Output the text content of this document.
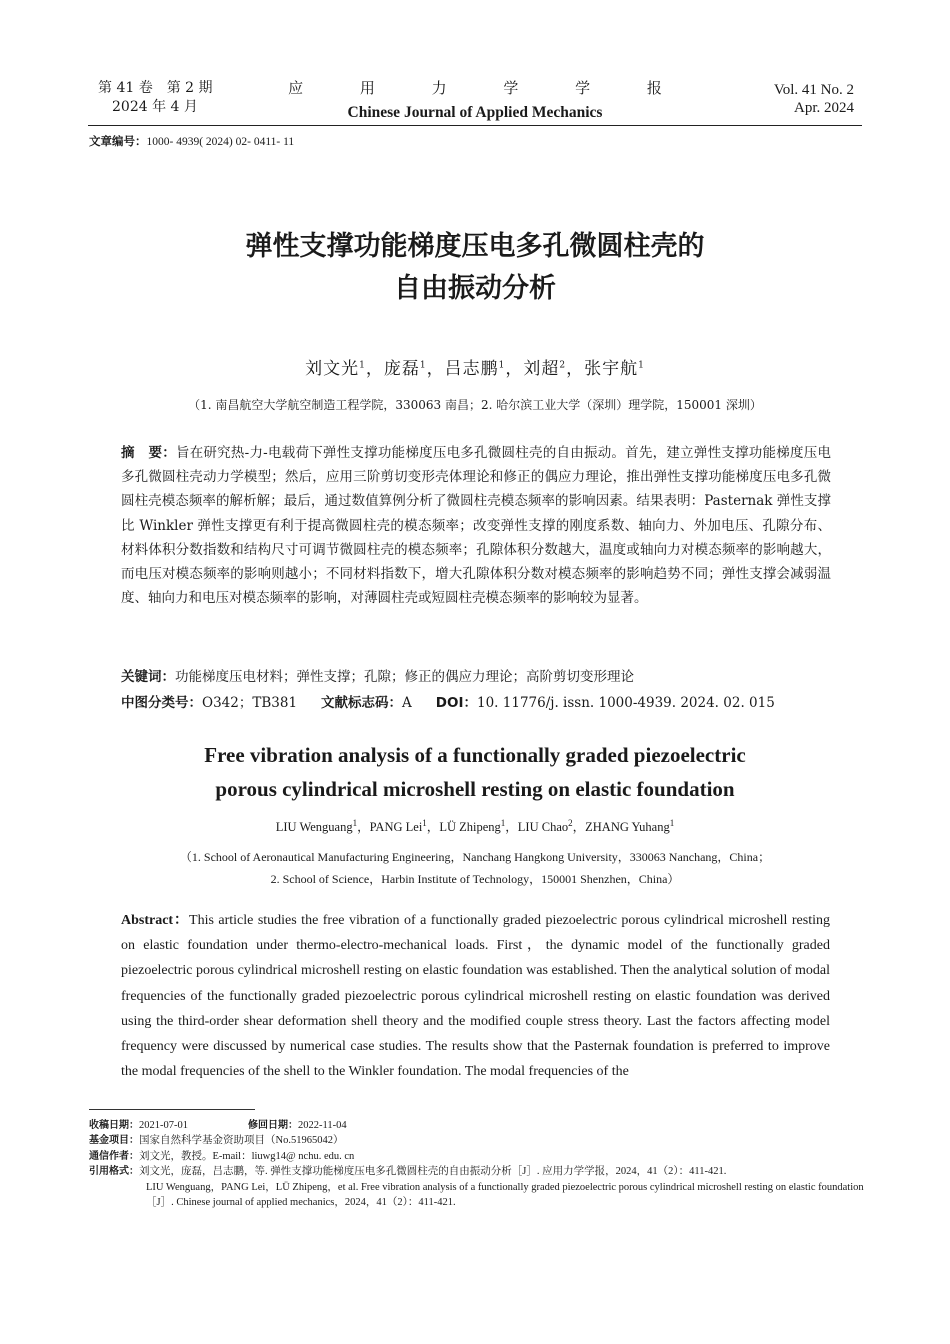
第 41 卷　第 2 期
2024 年 4 月
应 用 力 学 学 报
Chinese Journal of Applied Mechanics
Vol. 41 No. 2
Apr. 2024
文章编号：1000- 4939( 2024) 02- 0411- 11
弹性支撑功能梯度压电多孔微圆柱壳的
自由振动分析
刘文光$^1$，庞磊$^1$，吕志鹏$^1$，刘超$^2$，张宇航$^1$
（1. 南昌航空大学航空制造工程学院，330063 南昌；2. 哈尔滨工业大学（深圳）理学院，150001 深圳）
摘　要：旨在研究热-力-电载荷下弹性支撑功能梯度压电多孔微圆柱壳的自由振动。首先，建立弹性支撑功能梯度压电多孔微圆柱壳动力学模型；然后，应用三阶剪切变形壳体理论和修正的偶应力理论，推出弹性支撑功能梯度压电多孔微圆柱壳模态频率的解析解；最后，通过数值算例分析了微圆柱壳模态频率的影响因素。结果表明：Pasternak 弹性支撑比 Winkler 弹性支撑更有利于提高微圆柱壳的模态频率；改变弹性支撑的刚度系数、轴向力、外加电压、孔隙分布、材料体积分数指数和结构尺寸可调节微圆柱壳的模态频率；孔隙体积分数越大，温度或轴向力对模态频率的影响越大，而电压对模态频率的影响则越小；不同材料指数下，增大孔隙体积分数对模态频率的影响趋势不同；弹性支撑会减弱温度、轴向力和电压对模态频率的影响，对薄圆柱壳或短圆柱壳模态频率的影响较为显著。
关键词：功能梯度压电材料；弹性支撑；孔隙；修正的偶应力理论；高阶剪切变形理论
中图分类号：O342；TB381 文献标志码：A DOI：10. 11776/j. issn. 1000-4939. 2024. 02. 015
Free vibration analysis of a functionally graded piezoelectric
porous cylindrical microshell resting on elastic foundation
LIU Wenguang$^1$，PANG Lei$^1$，LÜ Zhipeng$^1$，LIU Chao$^2$，ZHANG Yuhang$^1$
（1. School of Aeronautical Manufacturing Engineering，Nanchang Hangkong University，330063 Nanchang，China；
2. School of Science，Harbin Institute of Technology，150001 Shenzhen，China）
Abstract：This article studies the free vibration of a functionally graded piezoelectric porous cylindrical microshell resting on elastic foundation under thermo-electro-mechanical loads. First，the dynamic model of the functionally graded piezoelectric porous cylindrical microshell resting on elastic foundation was established. Then the analytical solution of modal frequencies of the functionally graded piezoelectric porous cylindrical microshell resting on elastic foundation was derived using the third-order shear deformation shell theory and the modified couple stress theory. Last the factors affecting model frequency were discussed by numerical case studies. The results show that the Pasternak foundation is preferred to improve the modal frequencies of the shell to the Winkler foundation. The modal frequencies of the
收稿日期：2021-07-01	修回日期：2022-11-04
基金项目：国家自然科学基金资助项目（No.51965042）
通信作者：刘文光，教授。E-mail：liuwg14@ nchu. edu. cn
引用格式：刘文光，庞磊，吕志鹏，等. 弹性支撑功能梯度压电多孔微圆柱壳的自由振动分析［J］. 应用力学学报，2024，41（2）：411-421.
LIU Wenguang，PANG Lei，LÜ Zhipeng，et al. Free vibration analysis of a functionally graded piezoelectric porous cylindrical microshell resting on elastic foundation［J］. Chinese journal of applied mechanics，2024，41（2）：411-421.
